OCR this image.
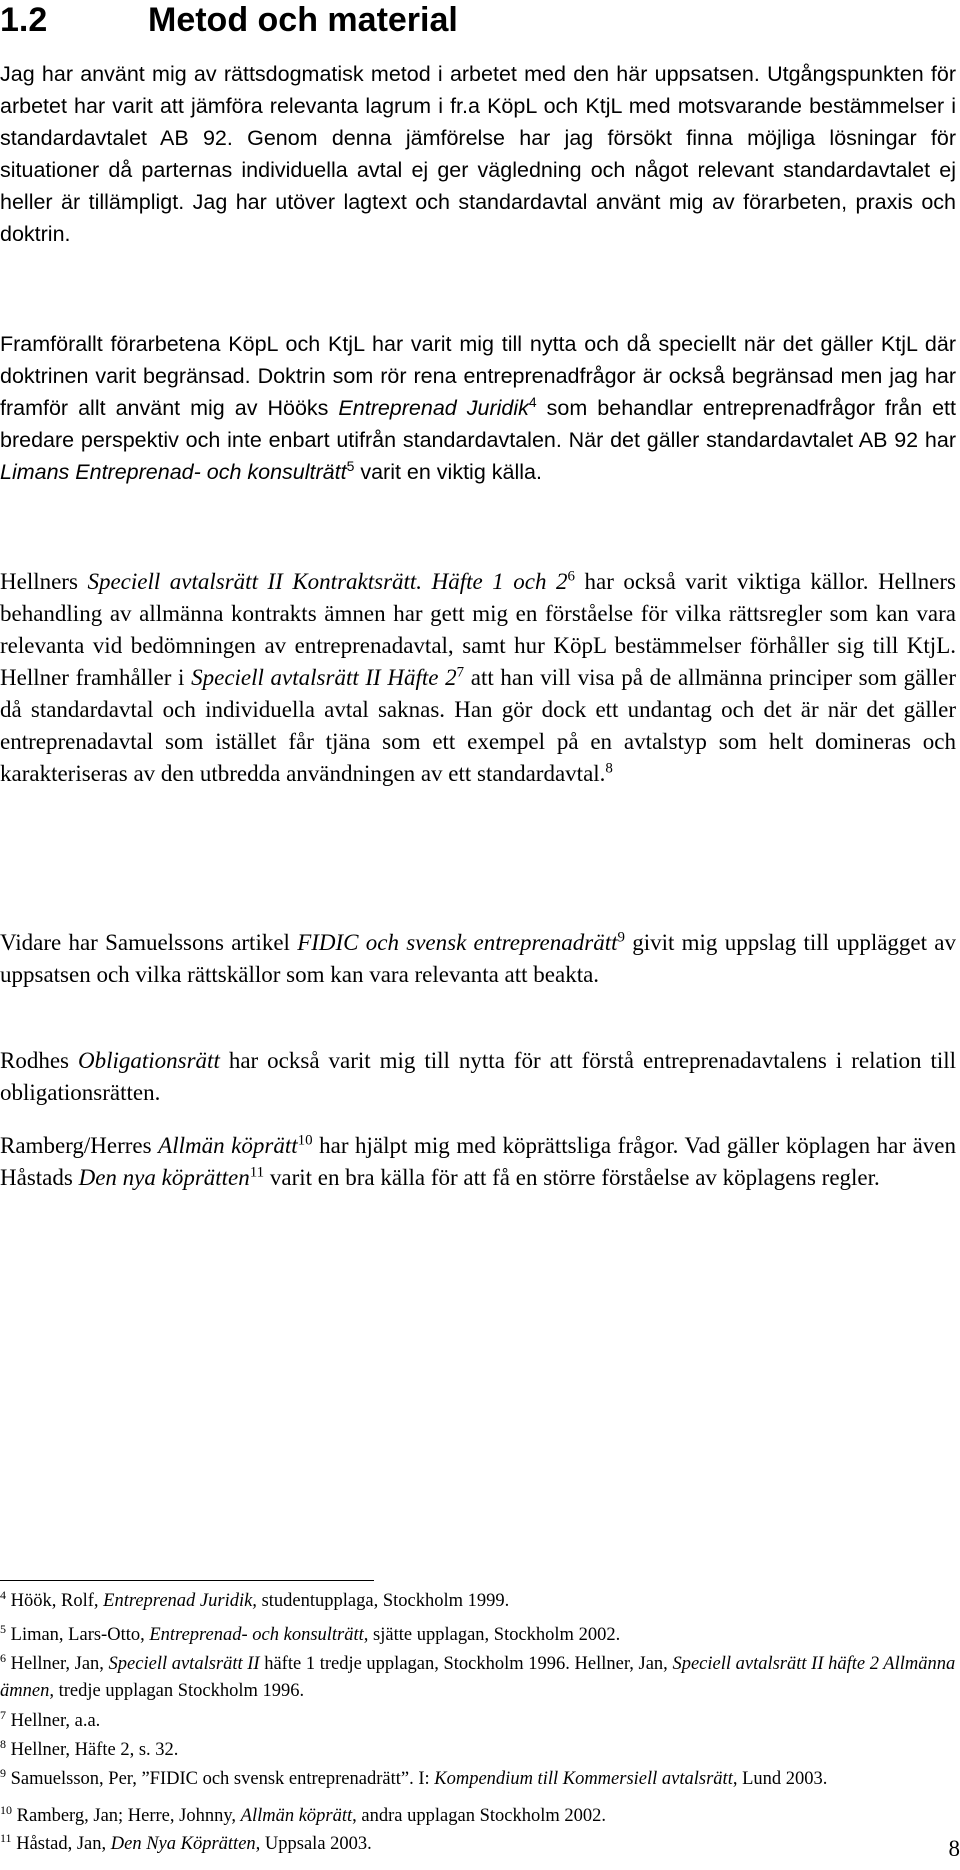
1.2	Metod och material

Jag har använt mig av rättsdogmatisk metod i arbetet med den här uppsatsen. Utgångspunkten för arbetet har varit att jämföra relevanta lagrum i fr.a KöpL och KtjL med motsvarande bestämmelser i standardavtalet AB 92. Genom denna jämförelse har jag försökt finna möjliga lösningar för situationer då parternas individuella avtal ej ger vägledning och något relevant standardavtalet ej heller är tillämpligt. Jag har utöver lagtext och standardavtal använt mig av förarbeten, praxis och doktrin.

Framförallt förarbetena KöpL och KtjL har varit mig till nytta och då speciellt när det gäller KtjL där doktrinen varit begränsad. Doktrin som rör rena entreprenadfrågor är också begränsad men jag har framför allt använt mig av Hööks Entreprenad Juridik$^4$ som behandlar entreprenadfrågor från ett bredare perspektiv och inte enbart utifrån standardavtalen. När det gäller standardavtalet AB 92 har Limans Entreprenad- och konsulträtt$^5$ varit en viktig källa.

Hellners Speciell avtalsrätt II Kontraktsrätt. Häfte 1 och $2^6$ har också varit viktiga källor. Hellners behandling av allmänna kontrakts ämnen har gett mig en förståelse för vilka rättsregler som kan vara relevanta vid bedömningen av entreprenadavtal, samt hur KöpL bestämmelser förhåller sig till KtjL. Hellner framhåller i Speciell avtalsrätt II Häfte $2^7$ att han vill visa på de allmänna principer som gäller då standardavtal och individuella avtal saknas. Han gör dock ett undantag och det är när det gäller entreprenadavtal som istället får tjäna som ett exempel på en avtalstyp som helt domineras och karakteriseras av den utbredda användningen av ett standardavtal.$^8$

Vidare har Samuelssons artikel FIDIC och svensk entreprenadrätt$^9$ givit mig uppslag till upplägget av uppsatsen och vilka rättskällor som kan vara relevanta att beakta.

Rodhes Obligationsrätt har också varit mig till nytta för att förstå entreprenadavtalens i relation till obligationsrätten.

Ramberg/Herres Allmän köprätt$^{10}$ har hjälpt mig med köprättsliga frågor. Vad gäller köplagen har även Håstads Den nya köprätten$^{11}$ varit en bra källa för att få en större förståelse av köplagens regler.

$^4$ Höök, Rolf, Entreprenad Juridik, studentupplaga, Stockholm 1999.

$^5$ Liman, Lars-Otto, Entreprenad- och konsulträtt, sjätte upplagan, Stockholm 2002.

$^6$ Hellner, Jan, Speciell avtalsrätt II häfte 1 tredje upplagan, Stockholm 1996. Hellner, Jan, Speciell avtalsrätt II häfte 2 Allmänna ämnen, tredje upplagan Stockholm 1996.

$^7$ Hellner, a.a.

$^8$ Hellner, Häfte 2, s. 32.

$^9$ Samuelsson, Per, ”FIDIC och svensk entreprenadrätt”. I: Kompendium till Kommersiell avtalsrätt, Lund 2003.

$^{10}$ Ramberg, Jan; Herre, Johnny, Allmän köprätt, andra upplagan Stockholm 2002.

$^{11}$ Håstad, Jan, Den Nya Köprätten, Uppsala 2003.	8
